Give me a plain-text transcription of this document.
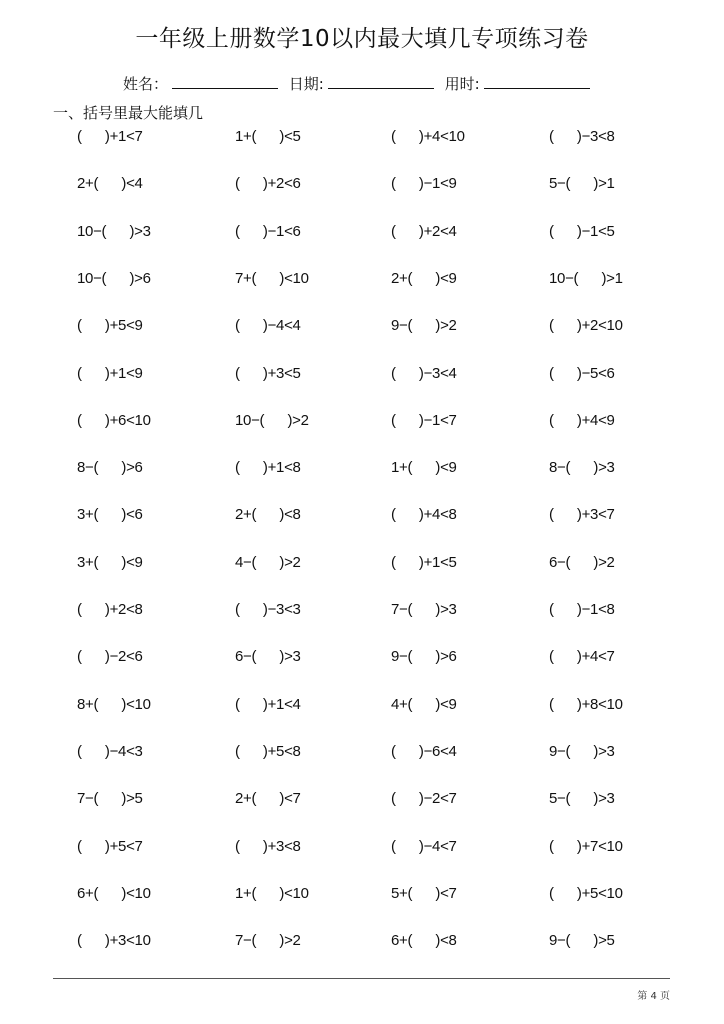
一年级上册数学10以内最大填几专项练习卷
姓名：	日期:	用时:
一、括号里最大能填几
(      )+1<7	1+(      )<5	(      )+4<10	(      )−3<8
2+(      )<4	(      )+2<6	(      )−1<9	5−(      )>1
10−(      )>3	(      )−1<6	(      )+2<4	(      )−1<5
10−(      )>6	7+(      )<10	2+(      )<9	10−(      )>1
(      )+5<9	(      )−4<4	9−(      )>2	(      )+2<10
(      )+1<9	(      )+3<5	(      )−3<4	(      )−5<6
(      )+6<10	10−(      )>2	(      )−1<7	(      )+4<9
8−(      )>6	(      )+1<8	1+(      )<9	8−(      )>3
3+(      )<6	2+(      )<8	(      )+4<8	(      )+3<7
3+(      )<9	4−(      )>2	(      )+1<5	6−(      )>2
(      )+2<8	(      )−3<3	7−(      )>3	(      )−1<8
(      )−2<6	6−(      )>3	9−(      )>6	(      )+4<7
8+(      )<10	(      )+1<4	4+(      )<9	(      )+8<10
(      )−4<3	(      )+5<8	(      )−6<4	9−(      )>3
7−(      )>5	2+(      )<7	(      )−2<7	5−(      )>3
(      )+5<7	(      )+3<8	(      )−4<7	(      )+7<10
6+(      )<10	1+(      )<10	5+(      )<7	(      )+5<10
(      )+3<10	7−(      )>2	6+(      )<8	9−(      )>5
第 4 页
